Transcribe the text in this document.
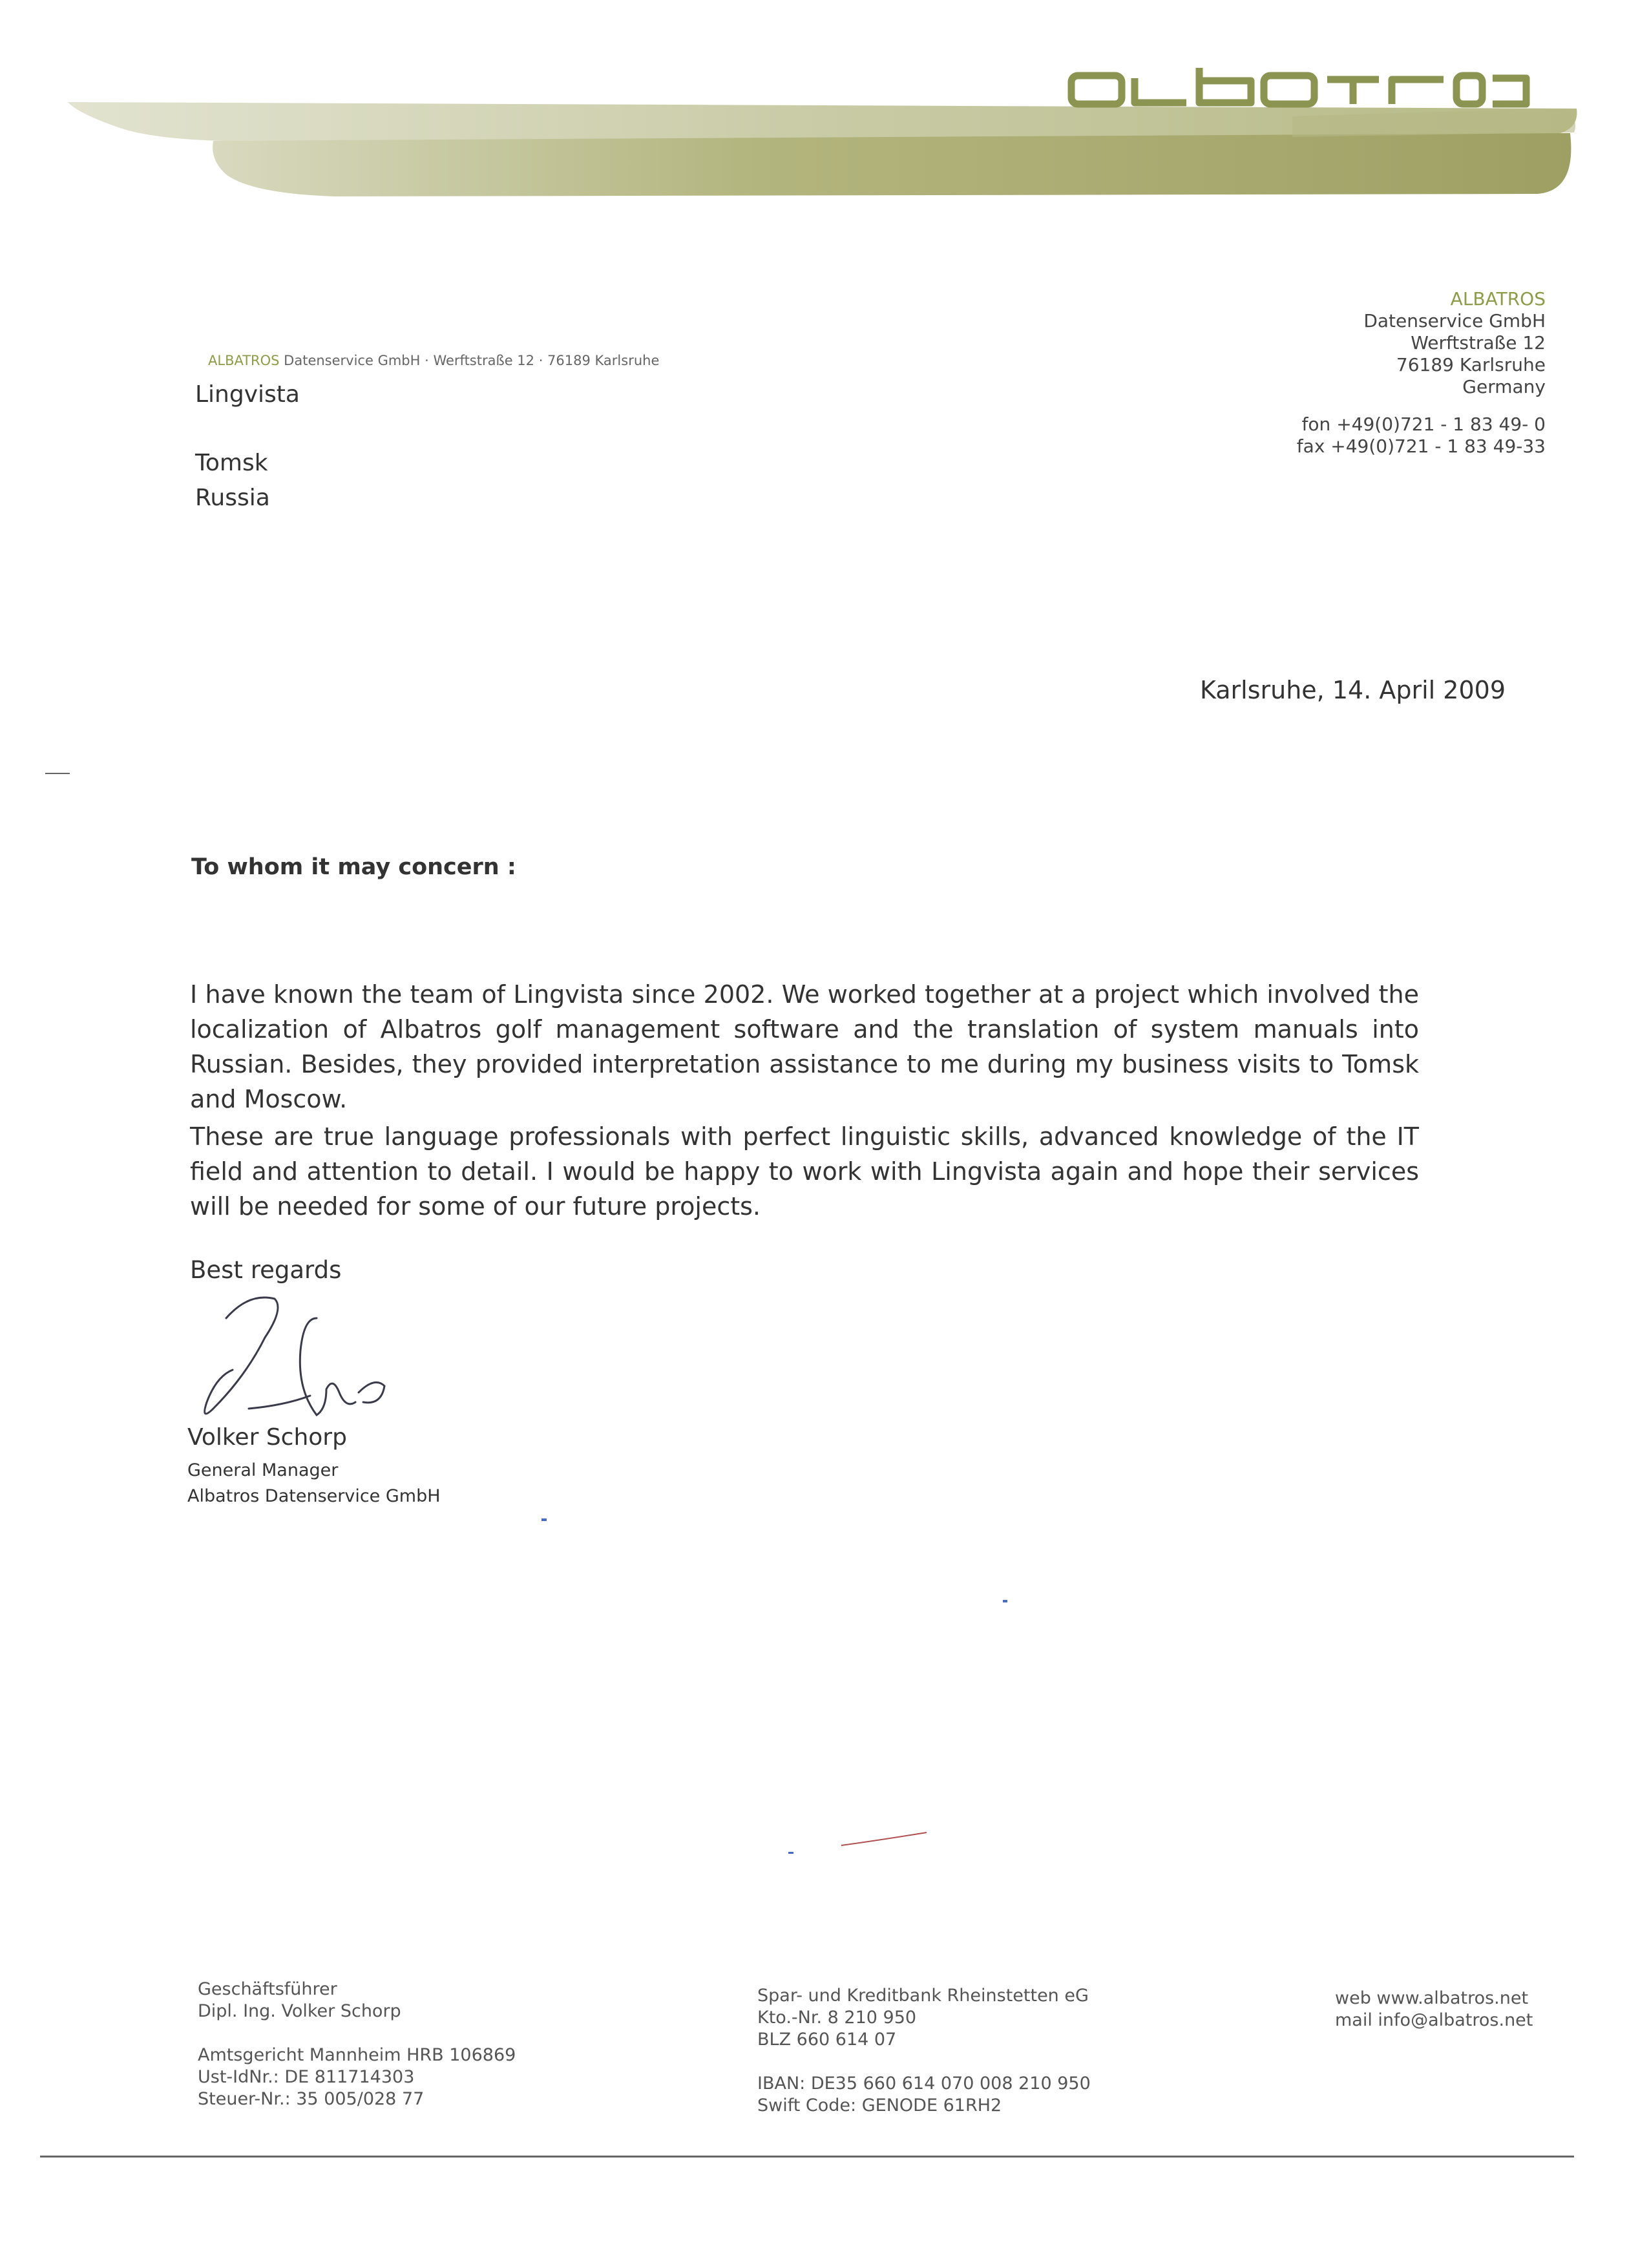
ALBATROS Datenservice GmbH · Werftstraße 12 · 76189 Karlsruhe
Lingvista
Tomsk
Russia
ALBATROS
Datenservice GmbH
Werftstraße 12
76189 Karlsruhe
Germany
fon +49(0)721 - 1 83 49- 0
fax +49(0)721 - 1 83 49-33
Karlsruhe, 14. April 2009
To whom it may concern :
I have known the team of Lingvista since 2002. We worked together at a project which involved the localization of Albatros golf management software and the translation of system manuals into Russian. Besides, they provided interpretation assistance to me during my business visits to Tomsk and Moscow.
These are true language professionals with perfect linguistic skills, advanced knowledge of the IT field and attention to detail. I would be happy to work with Lingvista again and hope their services will be needed for some of our future projects.
Best regards
Volker Schorp
General Manager
Albatros Datenservice GmbH
Geschäftsführer
Dipl. Ing. Volker Schorp
Amtsgericht Mannheim HRB 106869
Ust-IdNr.: DE 811714303
Steuer-Nr.: 35 005/028 77
Spar- und Kreditbank Rheinstetten eG
Kto.-Nr. 8 210 950
BLZ 660 614 07
IBAN: DE35 660 614 070 008 210 950
Swift Code: GENODE 61RH2
web www.albatros.net
mail info@albatros.net
